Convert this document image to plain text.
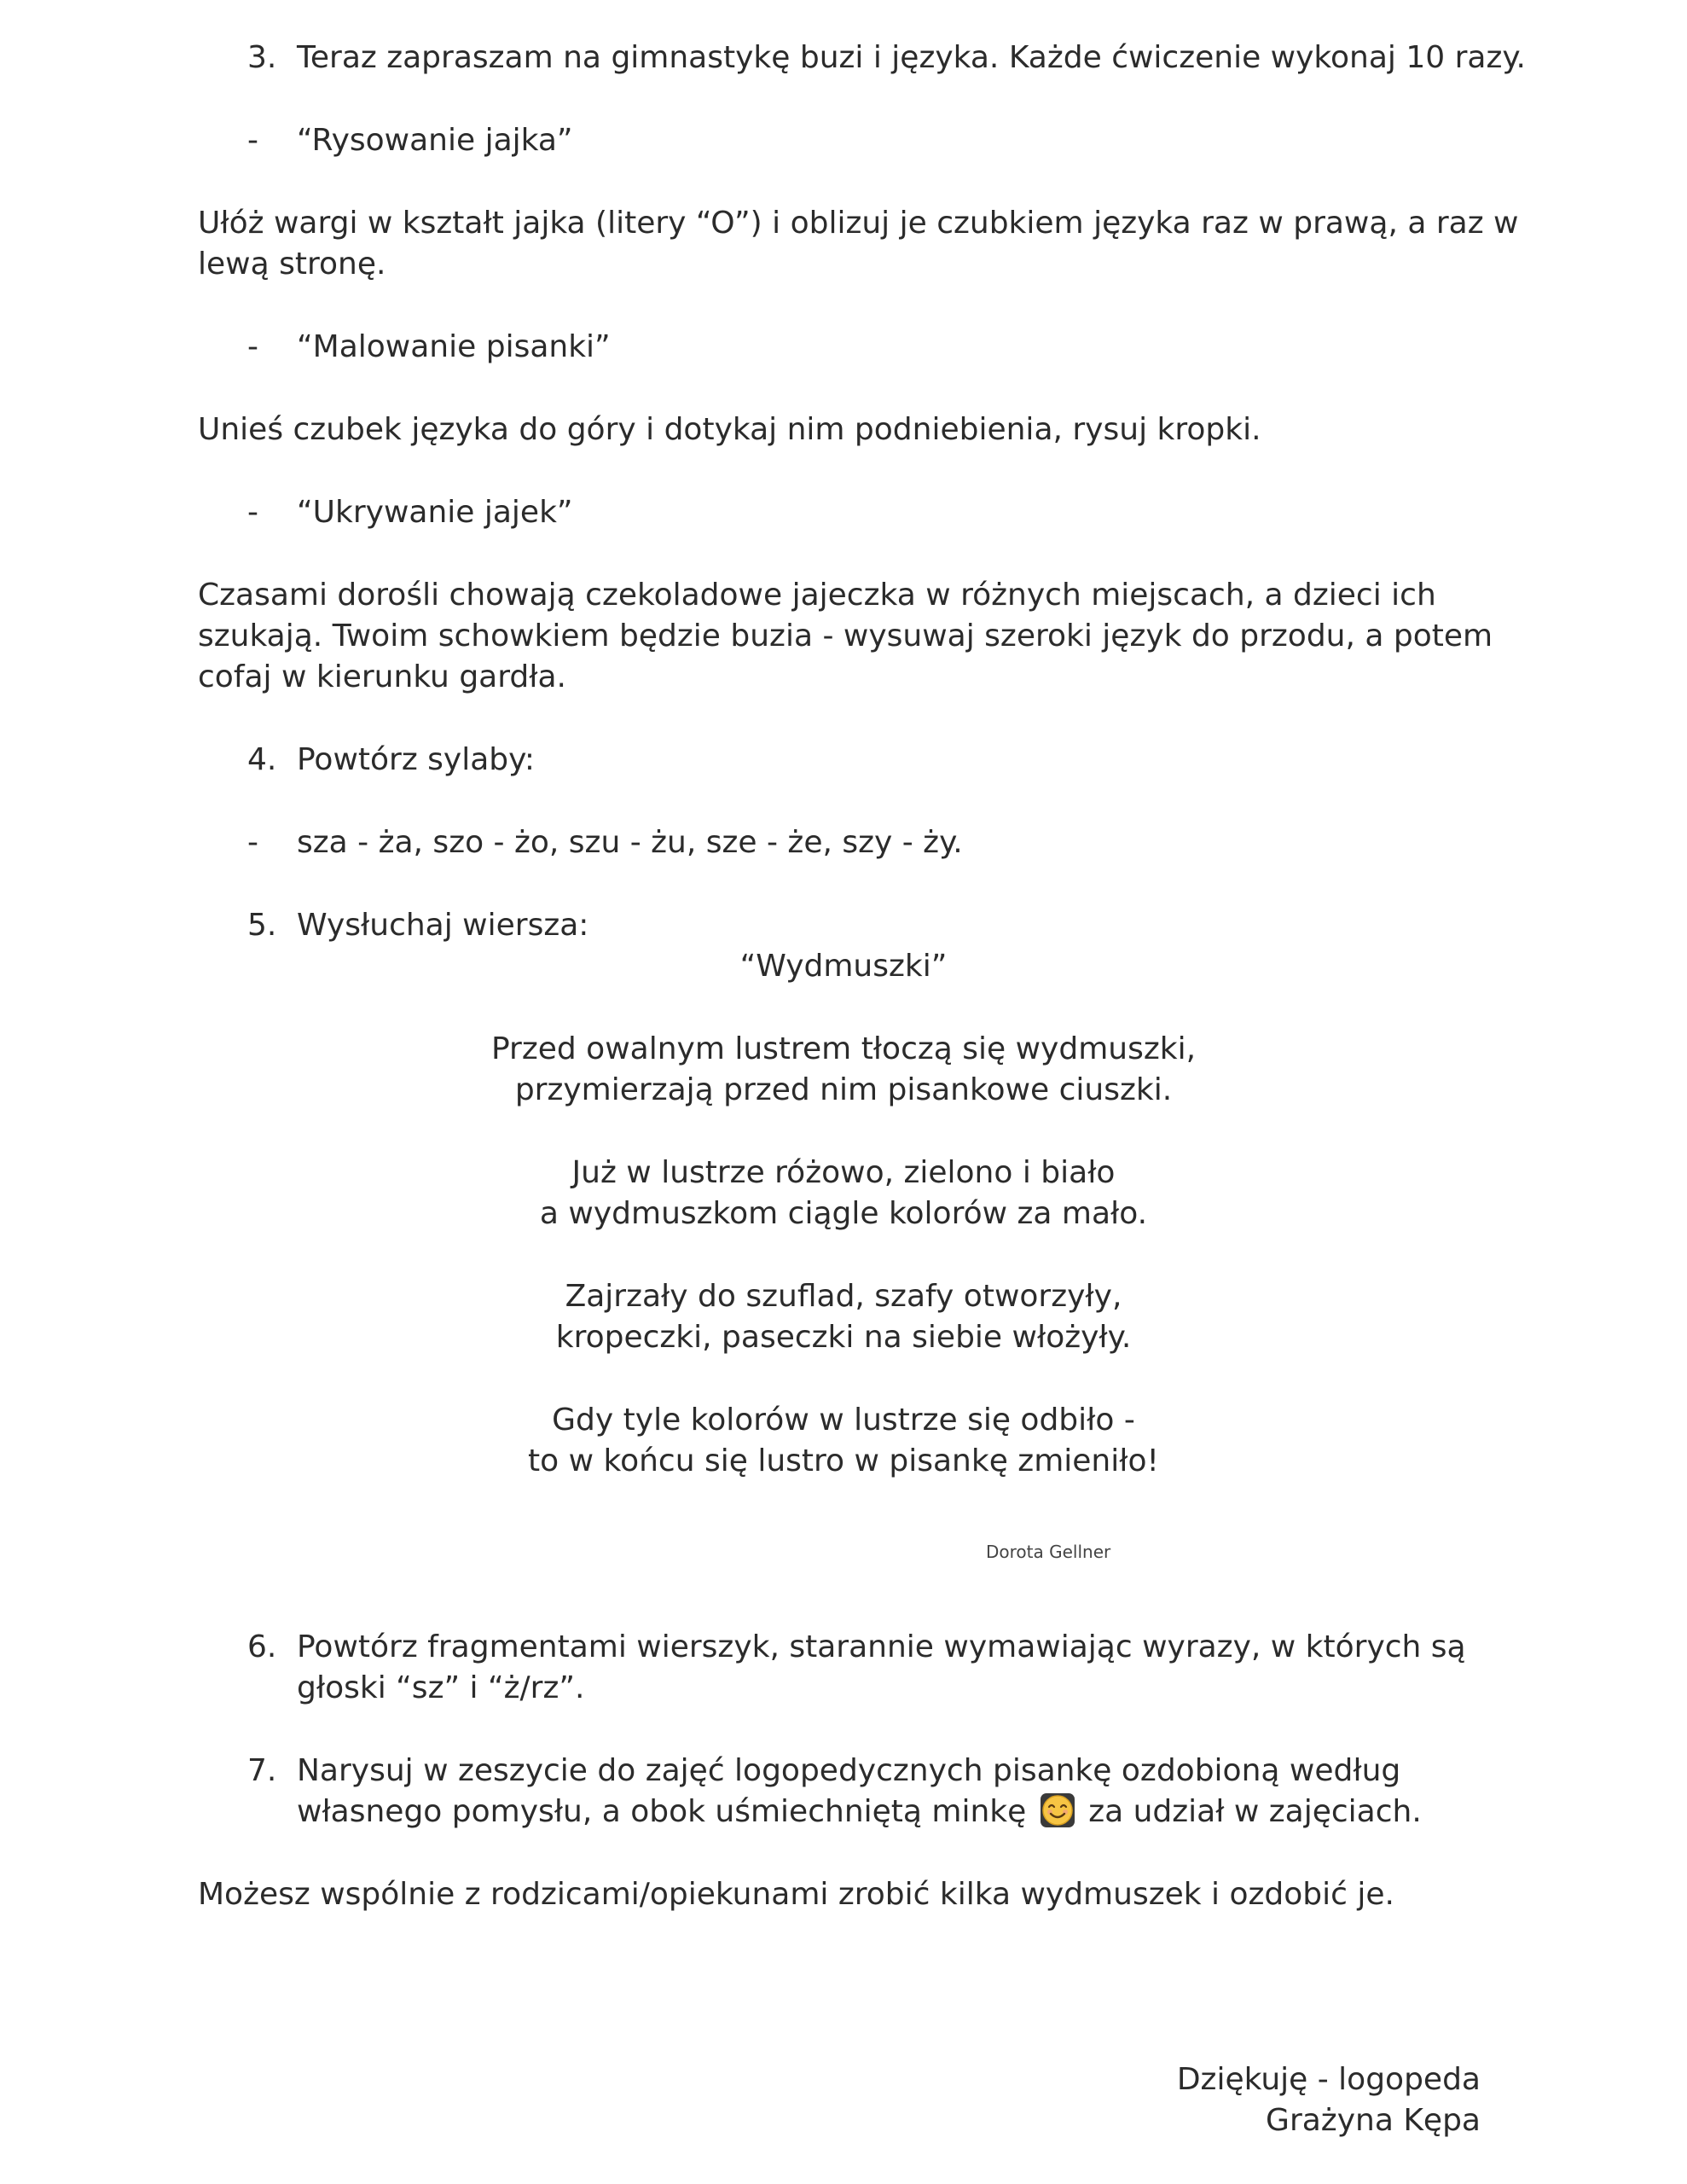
3. Teraz zapraszam na gimnastykę buzi i języka. Każde ćwiczenie wykonaj 10 razy.
- “Rysowanie jajka”
Ułóż wargi w kształt jajka (litery “O”) i oblizuj je czubkiem języka raz w prawą, a raz w
lewą stronę.
- “Malowanie pisanki”
Unieś czubek języka do góry i dotykaj nim podniebienia, rysuj kropki.
- “Ukrywanie jajek”
Czasami dorośli chowają czekoladowe jajeczka w różnych miejscach, a dzieci ich
szukają. Twoim schowkiem będzie buzia - wysuwaj szeroki język do przodu, a potem
cofaj w kierunku gardła.
4. Powtórz sylaby:
- sza - ża, szo - żo, szu - żu, sze - że, szy - ży.
5. Wysłuchaj wiersza:
“Wydmuszki”
Przed owalnym lustrem tłoczą się wydmuszki,
przymierzają przed nim pisankowe ciuszki.
Już w lustrze różowo, zielono i biało
a wydmuszkom ciągle kolorów za mało.
Zajrzały do szuflad, szafy otworzyły,
kropeczki, paseczki na siebie włożyły.
Gdy tyle kolorów w lustrze się odbiło -
to w końcu się lustro w pisankę zmieniło!
Dorota Gellner
6. Powtórz fragmentami wierszyk, starannie wymawiając wyrazy, w których są
głoski “sz” i “ż/rz”.
7. Narysuj w zeszycie do zajęć logopedycznych pisankę ozdobioną według
własnego pomysłu, a obok uśmiechniętą minkę za udział w zajęciach.
Możesz wspólnie z rodzicami/opiekunami zrobić kilka wydmuszek i ozdobić je.
Dziękuję - logopeda
Grażyna Kępa
